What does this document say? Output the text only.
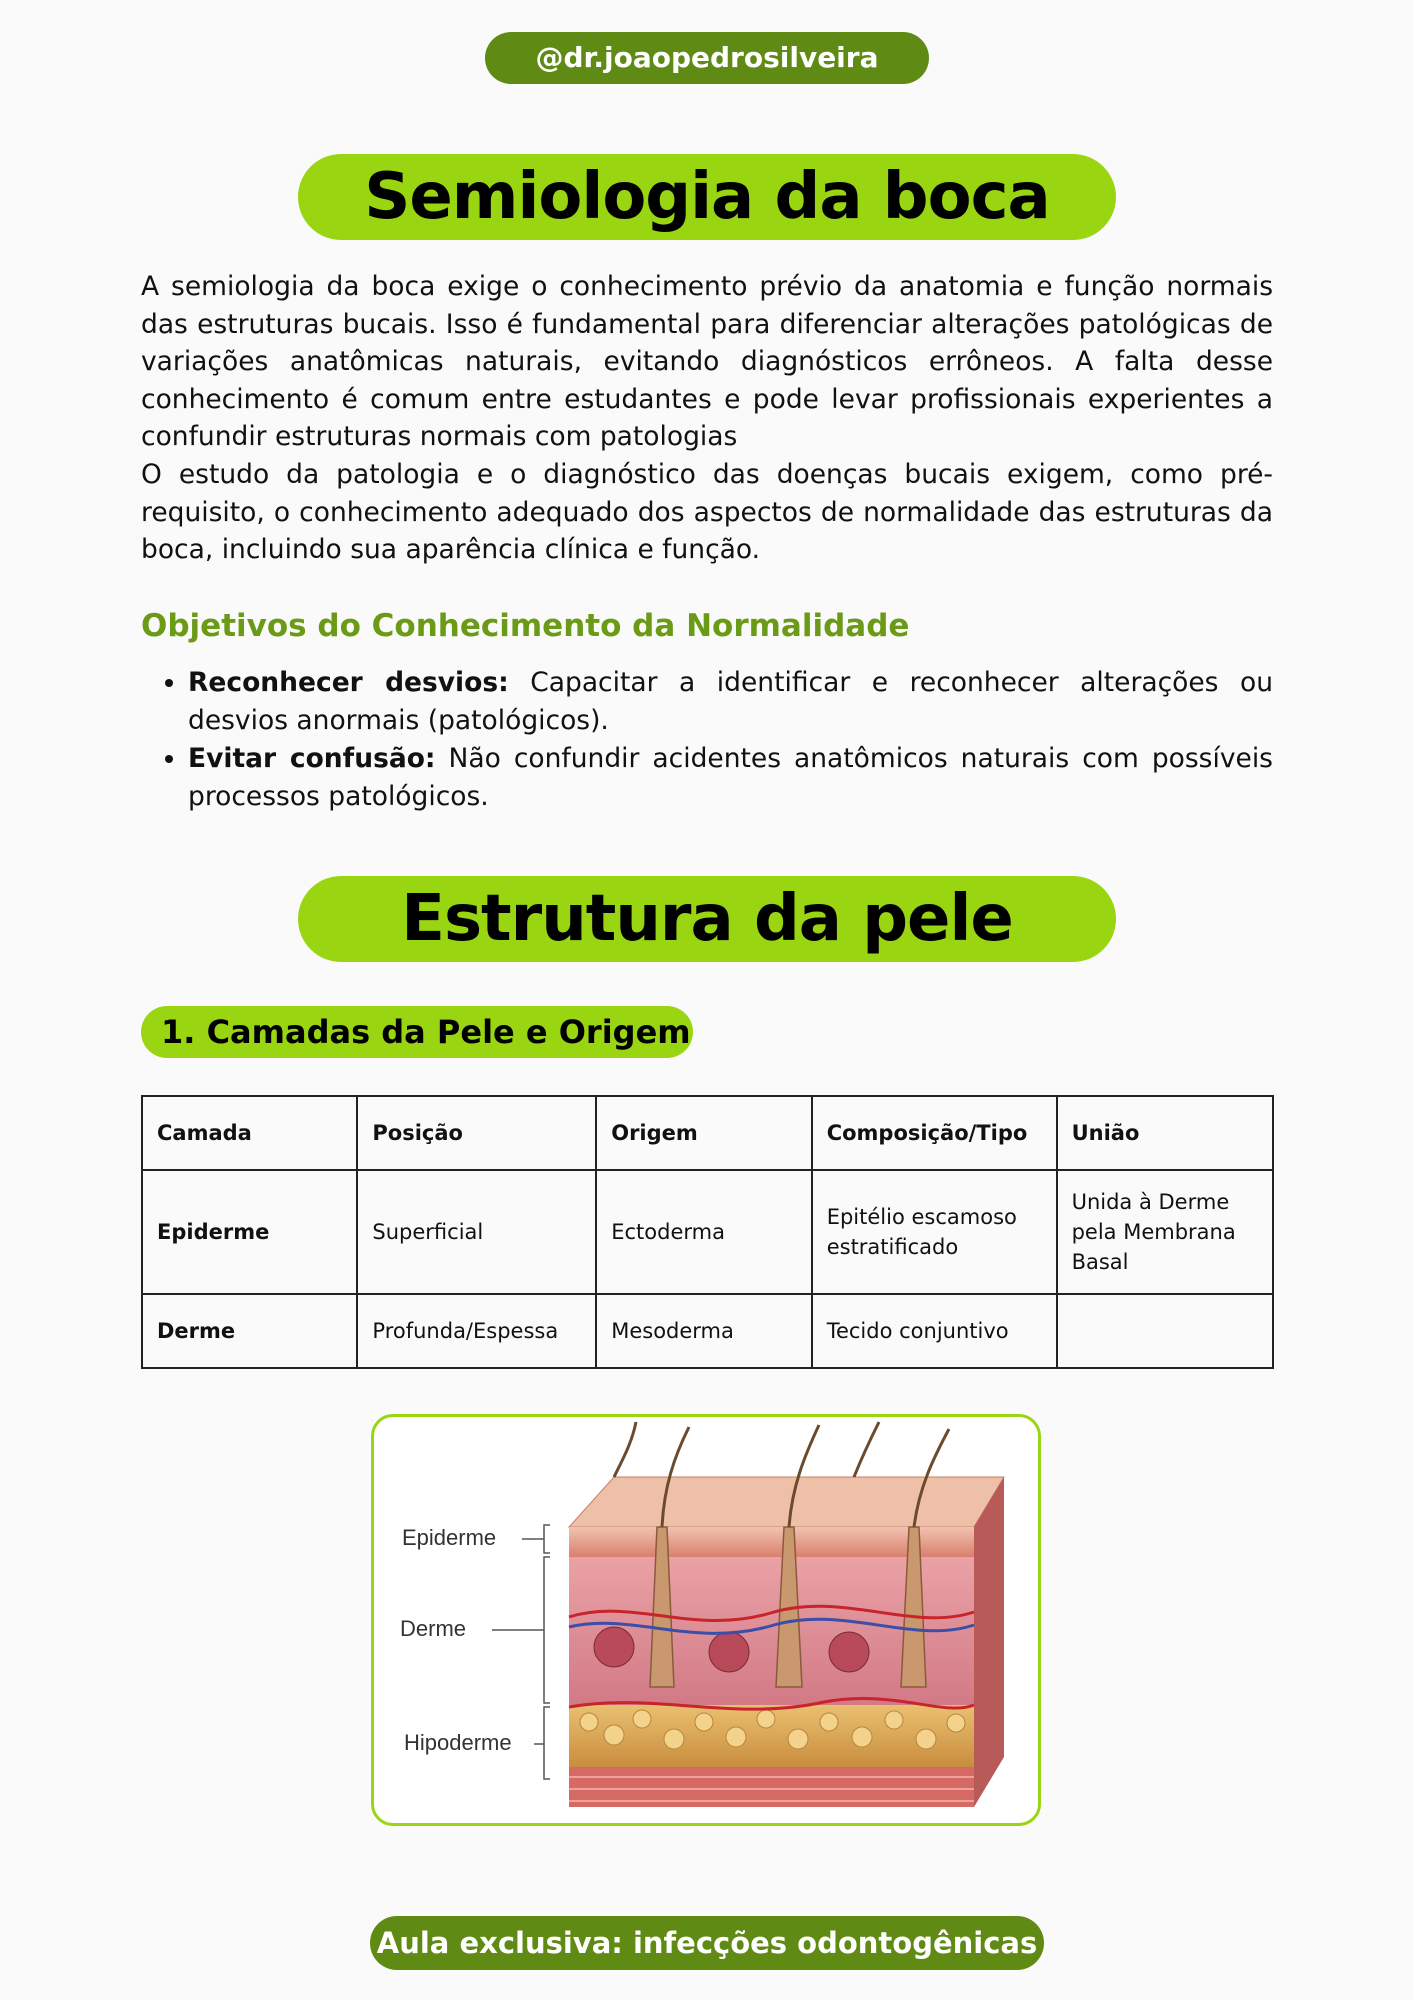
@dr.joaopedrosilveira
Semiologia da boca

A semiologia da boca exige o conhecimento prévio da anatomia e função normais das estruturas bucais. Isso é fundamental para diferenciar alterações patológicas de variações anatômicas naturais, evitando diagnósticos errôneos. A falta desse conhecimento é comum entre estudantes e pode levar profissionais experientes a confundir estruturas normais com patologias

O estudo da patologia e o diagnóstico das doenças bucais exigem, como pré-requisito, o conhecimento adequado dos aspectos de normalidade das estruturas da boca, incluindo sua aparência clínica e função.

Objetivos do Conhecimento da Normalidade
• Reconhecer desvios: Capacitar a identificar e reconhecer alterações ou desvios anormais (patológicos).
• Evitar confusão: Não confundir acidentes anatômicos naturais com possíveis processos patológicos.
Estrutura da pele
1. Camadas da Pele e Origem
Camada	Posição	Origem	Composição/Tipo	União
Epiderme	Superficial	Ectoderma	Epitélio escamoso estratificado	Unida à Derme pela Membrana Basal
Derme	Profunda/Espessa	Mesoderma	Tecido conjuntivo	
Epiderme
Derme
Hipoderme
Aula exclusiva: infecções odontogênicas
